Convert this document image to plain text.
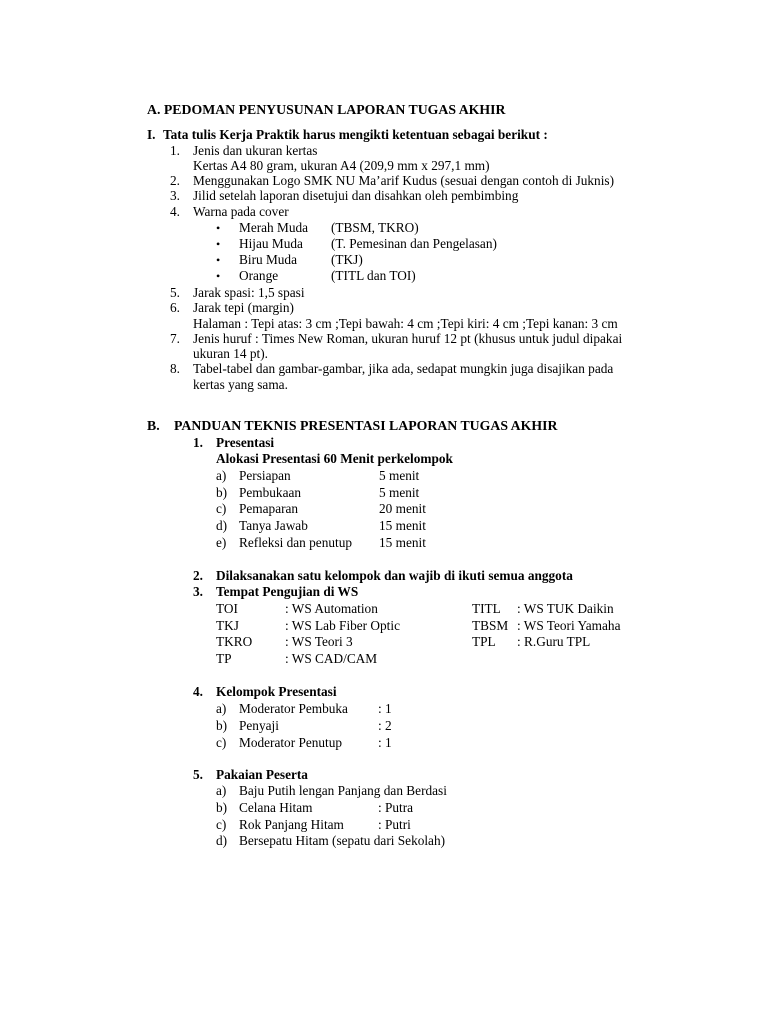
A. PEDOMAN PENYUSUNAN LAPORAN TUGAS AKHIR
I. Tata tulis Kerja Praktik harus mengikti ketentuan sebagai berikut :
1. Jenis dan ukuran kertas
Kertas A4 80 gram, ukuran A4 (209,9 mm x 297,1 mm)
2. Menggunakan Logo SMK NU Ma’arif Kudus (sesuai dengan contoh di Juknis)
3. Jilid setelah laporan disetujui dan disahkan oleh pembimbing
4. Warna pada cover
• Merah Muda (TBSM, TKRO)
• Hijau Muda (T. Pemesinan dan Pengelasan)
• Biru Muda	(TKJ)
• Orange	(TITL dan TOI)
5. Jarak spasi: 1,5 spasi
6. Jarak tepi (margin)
Halaman : Tepi atas: 3 cm ;Tepi bawah: 4 cm ;Tepi kiri: 4 cm ;Tepi kanan: 3 cm
7. Jenis huruf : Times New Roman, ukuran huruf 12 pt (khusus untuk judul dipakai
ukuran 14 pt).
8. Tabel-tabel dan gambar-gambar, jika ada, sedapat mungkin juga disajikan pada
kertas yang sama.
B. PANDUAN TEKNIS PRESENTASI LAPORAN TUGAS AKHIR
1. Presentasi
Alokasi Presentasi 60 Menit perkelompok
a) Persiapan	5 menit
b) Pembukaan	5 menit
c) Pemaparan	20 menit
d) Tanya Jawab	15 menit
e) Refleksi dan penutup 15 menit
2. Dilaksanakan satu kelompok dan wajib di ikuti semua anggota
3. Tempat Pengujian di WS
TOI	: WS Automation	TITL : WS TUK Daikin
TKJ	: WS Lab Fiber Optic	TBSM : WS Teori Yamaha
TKRO : WS Teori 3	TPL : R.Guru TPL
TP	: WS CAD/CAM
4. Kelompok Presentasi
a) Moderator Pembuka : 1
b) Penyaji	: 2
c) Moderator Penutup	: 1
5. Pakaian Peserta
a) Baju Putih lengan Panjang dan Berdasi
b) Celana Hitam	: Putra
c) Rok Panjang Hitam	: Putri
d) Bersepatu Hitam (sepatu dari Sekolah)
